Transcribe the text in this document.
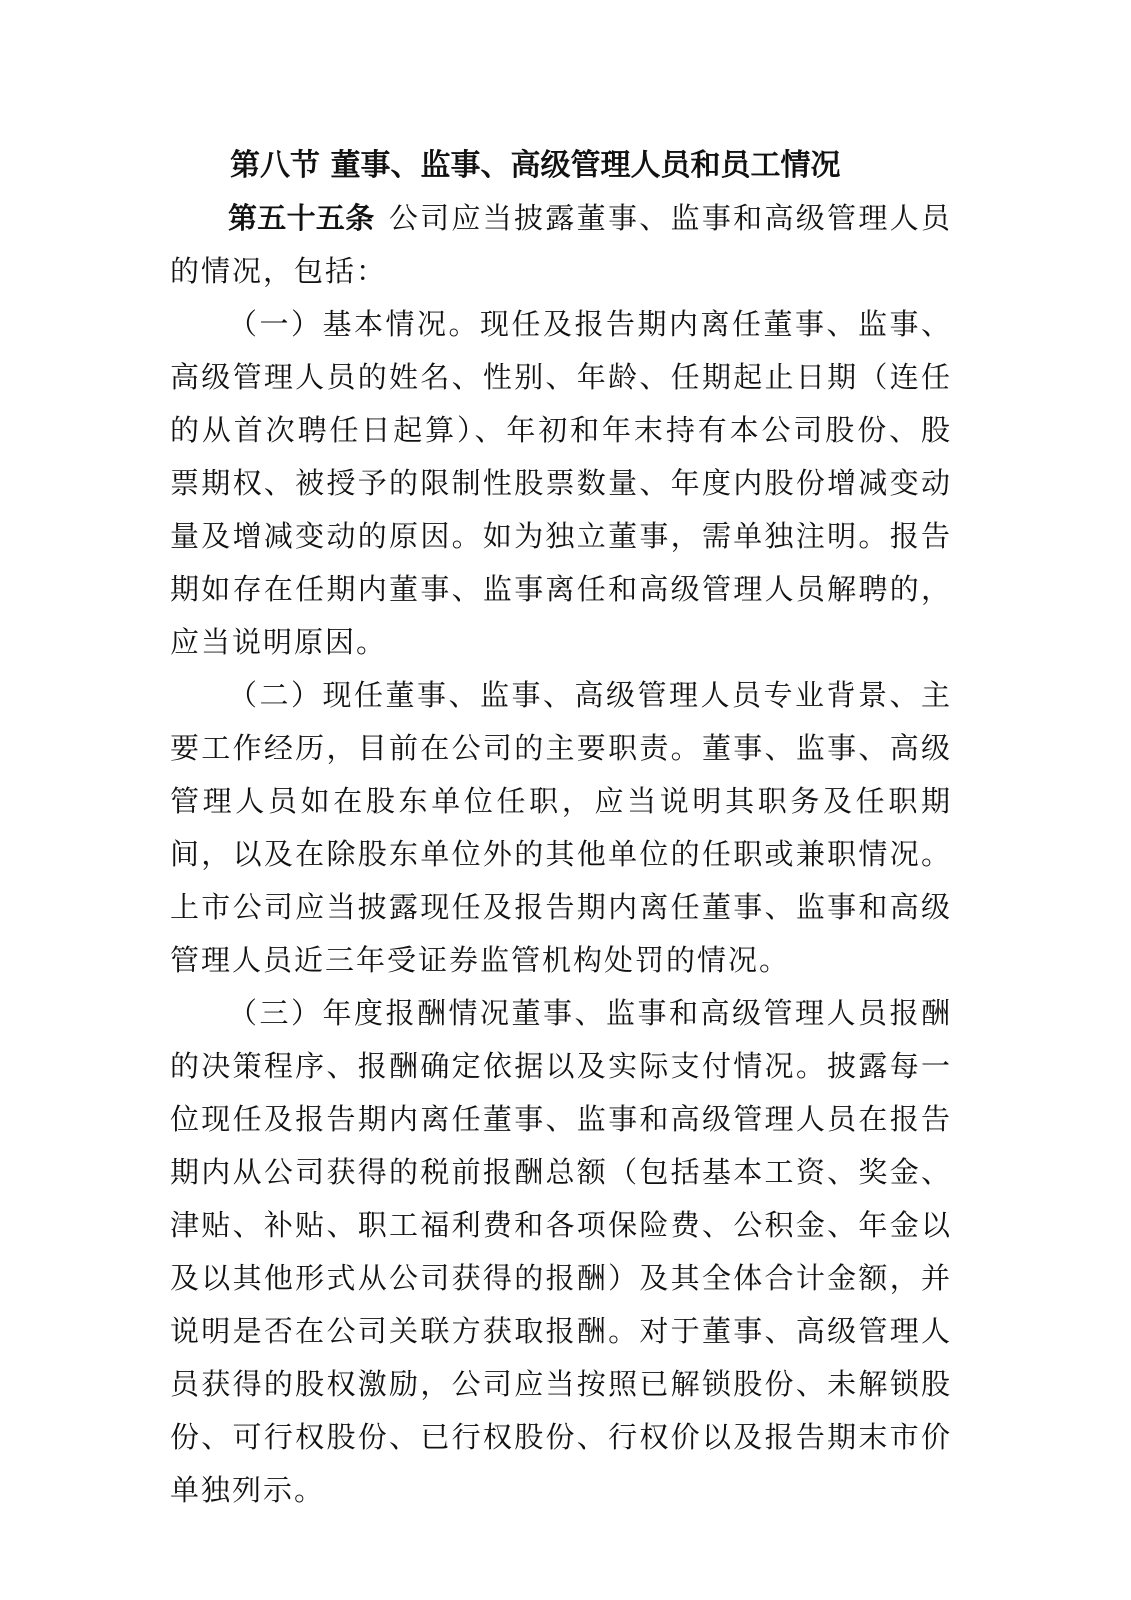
第八节 董事、监事、高级管理人员和员工情况

第五十五条 公司应当披露董事、监事和高级管理人员的情况，包括：

（一）基本情况。现任及报告期内离任董事、监事、高级管理人员的姓名、性别、年龄、任期起止日期（连任的从首次聘任日起算）、年初和年末持有本公司股份、股票期权、被授予的限制性股票数量、年度内股份增减变动量及增减变动的原因。如为独立董事，需单独注明。报告期如存在任期内董事、监事离任和高级管理人员解聘的，应当说明原因。

（二）现任董事、监事、高级管理人员专业背景、主要工作经历，目前在公司的主要职责。董事、监事、高级管理人员如在股东单位任职，应当说明其职务及任职期间，以及在除股东单位外的其他单位的任职或兼职情况。上市公司应当披露现任及报告期内离任董事、监事和高级管理人员近三年受证券监管机构处罚的情况。

（三）年度报酬情况董事、监事和高级管理人员报酬的决策程序、报酬确定依据以及实际支付情况。披露每一位现任及报告期内离任董事、监事和高级管理人员在报告期内从公司获得的税前报酬总额（包括基本工资、奖金、津贴、补贴、职工福利费和各项保险费、公积金、年金以及以其他形式从公司获得的报酬）及其全体合计金额，并说明是否在公司关联方获取报酬。对于董事、高级管理人员获得的股权激励，公司应当按照已解锁股份、未解锁股份、可行权股份、已行权股份、行权价以及报告期末市价单独列示。
